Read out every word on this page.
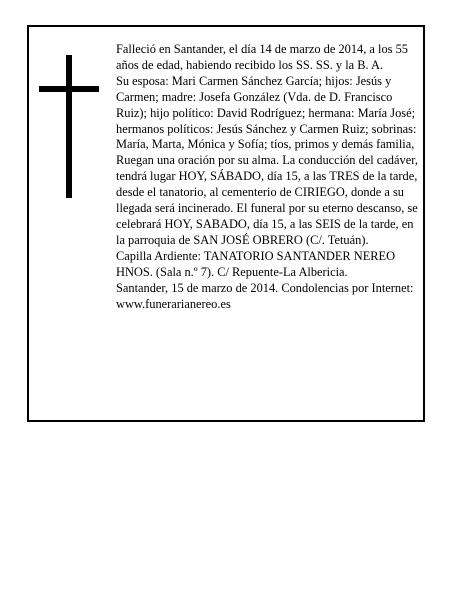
Falleció en Santander, el día 14 de marzo de 2014, a los 55 años de edad, habiendo recibido los SS. SS. y la B. A.

Su esposa: Mari Carmen Sánchez García; hijos: Jesús y Carmen; madre: Josefa González (Vda. de D. Francisco Ruiz); hijo político: David Rodríguez; hermana: María José; hermanos políticos: Jesús Sánchez y Carmen Ruiz; sobrinas: María, Marta, Mónica y Sofía; tíos, primos y demás familia,

Ruegan una oración por su alma. La conducción del cadáver, tendrá lugar HOY, SÁBADO, día 15, a las TRES de la tarde, desde el tanatorio, al cementerio de CIRIEGO, donde a su llegada será incinerado. El funeral por su eterno descanso, se celebrará HOY, SABADO, día 15, a las SEIS de la tarde, en la parroquia de SAN JOSÉ OBRERO (C/. Tetuán).

Capilla Ardiente: TANATORIO SANTANDER NEREO HNOS. (Sala n.º 7). C/ Repuente-La Albericia.

Santander, 15 de marzo de 2014. Condolencias por Internet: www.funerarianereo.es
